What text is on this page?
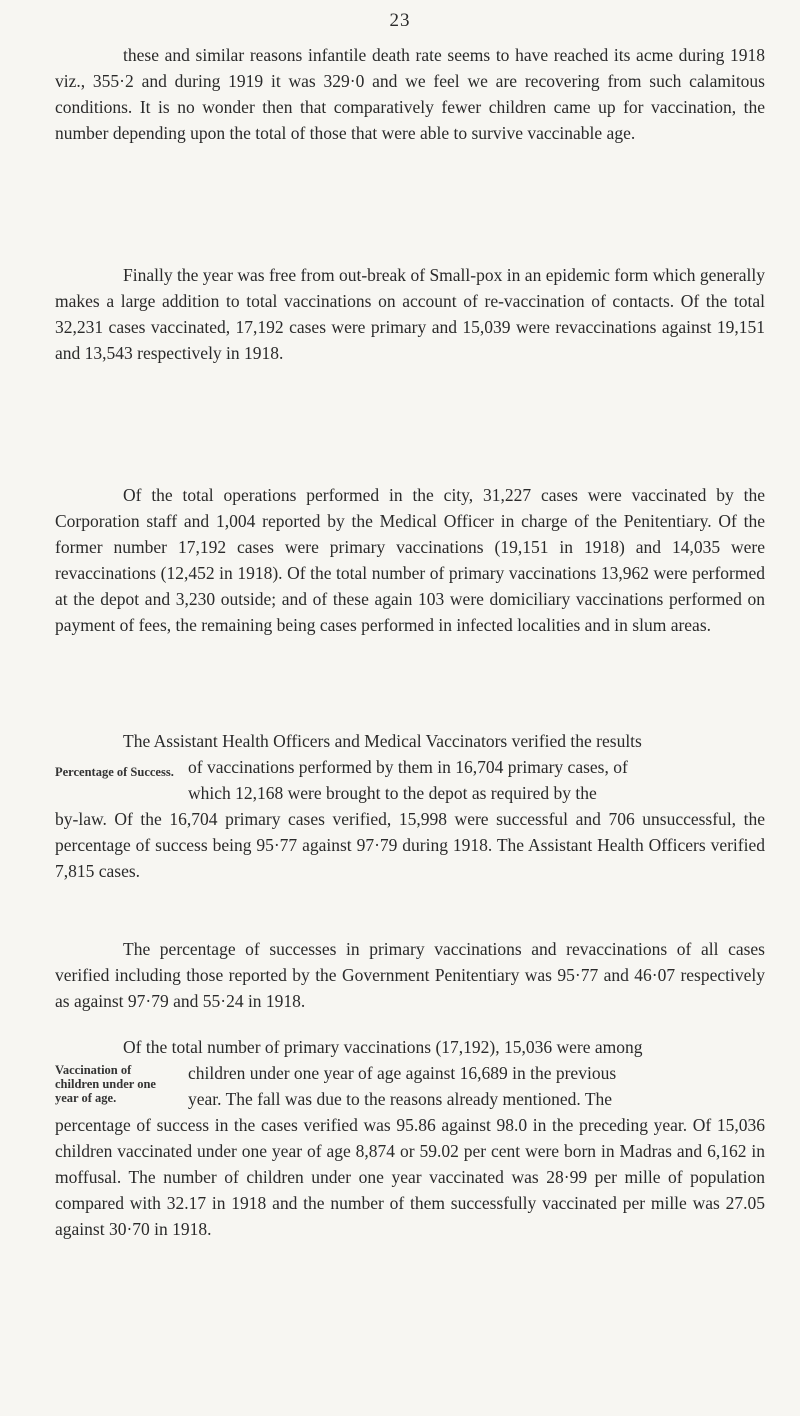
23

these and similar reasons infantile death rate seems to have reached its acme during 1918 viz., 355·2 and during 1919 it was 329·0 and we feel we are recovering from such calamitous conditions. It is no wonder then that comparatively fewer children came up for vaccination, the number depending upon the total of those that were able to survive vaccinable age.

Finally the year was free from out-break of Small-pox in an epidemic form which generally makes a large addition to total vaccinations on account of re-vaccination of contacts. Of the total 32,231 cases vaccinated, 17,192 cases were primary and 15,039 were revaccinations against 19,151 and 13,543 respectively in 1918.

Of the total operations performed in the city, 31,227 cases were vaccinated by the Corporation staff and 1,004 reported by the Medical Officer in charge of the Penitentiary. Of the former number 17,192 cases were primary vaccinations (19,151 in 1918) and 14,035 were revaccinations (12,452 in 1918). Of the total number of primary vaccinations 13,962 were performed at the depot and 3,230 outside; and of these again 103 were domiciliary vaccinations performed on payment of fees, the remaining being cases performed in infected localities and in slum areas.

The Assistant Health Officers and Medical Vaccinators verified the results
Percentage of Success. of vaccinations performed by them in 16,704 primary cases, of
which 12,168 were brought to the depot as required by the

by-law. Of the 16,704 primary cases verified, 15,998 were successful and 706 unsuccessful, the percentage of success being 95·77 against 97·79 during 1918. The Assistant Health Officers verified 7,815 cases.

The percentage of successes in primary vaccinations and revaccinations of all cases verified including those reported by the Government Penitentiary was 95·77 and 46·07 respectively as against 97·79 and 55·24 in 1918.

Of the total number of primary vaccinations (17,192), 15,036 were among
Vaccination of children under one year of age.
children under one year of age against 16,689 in the previous
year. The fall was due to the reasons already mentioned. The

percentage of success in the cases verified was 95.86 against 98.0 in the preceding year. Of 15,036 children vaccinated under one year of age 8,874 or 59.02 per cent were born in Madras and 6,162 in moffusal. The number of children under one year vaccinated was 28·99 per mille of population compared with 32.17 in 1918 and the number of them successfully vaccinated per mille was 27.05 against 30·70 in 1918.
